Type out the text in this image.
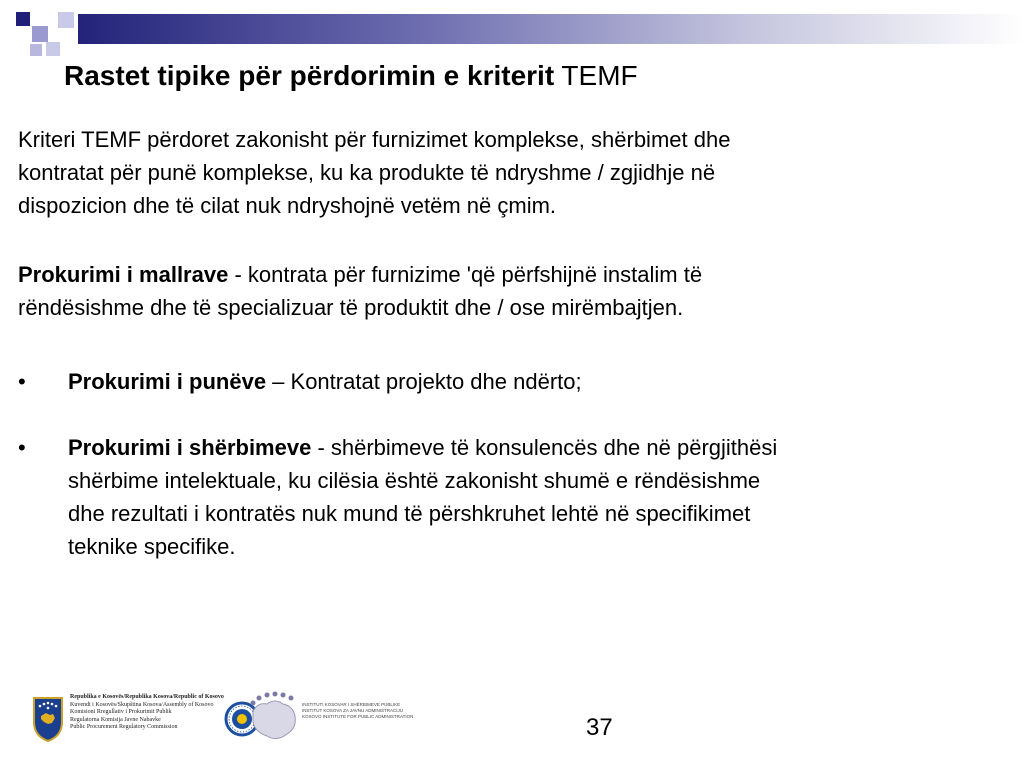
Rastet tipike për përdorimin e kriterit TEMF
Kriteri TEMF përdoret zakonisht për furnizimet komplekse, shërbimet dhe
kontratat për punë komplekse, ku ka produkte të ndryshme / zgjidhje në
dispozicion dhe të cilat nuk ndryshojnë vetëm në çmim.
Prokurimi i mallrave - kontrata për furnizime 'që përfshijnë instalim të
rëndësishme dhe të specializuar të produktit dhe / ose mirëmbajtjen.
• Prokurimi i punëve – Kontratat projekto dhe ndërto;
• Prokurimi i shërbimeve - shërbimeve të konsulencës dhe në përgjithësi
shërbime intelektuale, ku cilësia është zakonisht shumë e rëndësishme
dhe rezultati i kontratës nuk mund të përshkruhet lehtë në specifikimet
teknike specifike.
Republika e Kosovës/Republika Kosova/Republic of Kosovo
Kuvendi i Kosovës/Skupština Kosova/Assembly of Kosovo
Komisioni Rregullativ i Prokurimit Publik
Regulatorna Komisija Javne Nabavke
Public Procurement Regulatory Commission
INSTITUTI KOSOVAR I SHËRBIMEVE PUBLIKE
INSTITUT KOSOVA ZA JAVNU ADMINISTRACIJU
KOSOVO INSTITUTE FOR PUBLIC ADMINISTRATION	37
